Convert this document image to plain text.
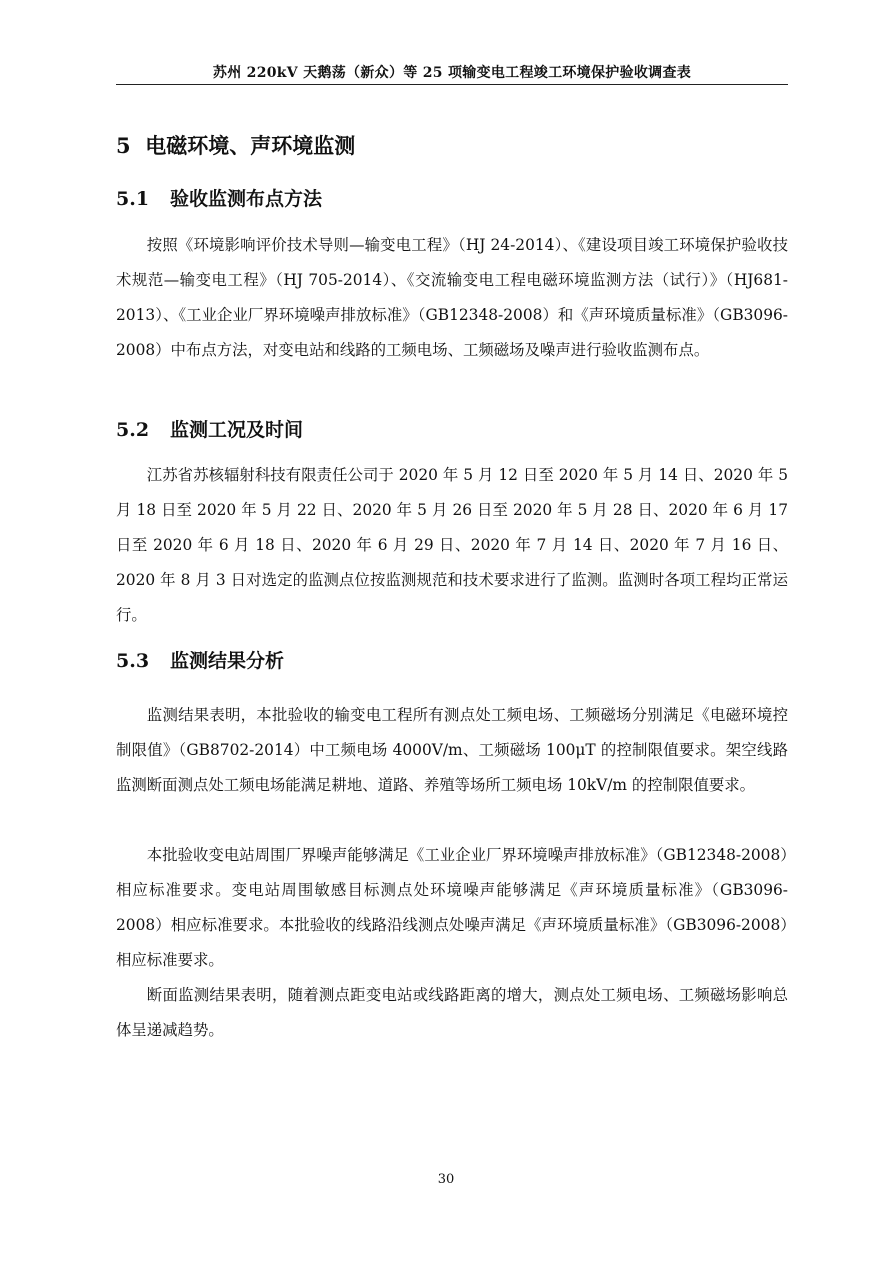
苏州 220kV 天鹅荡（新众）等 25 项输变电工程竣工环境保护验收调查表
5 电磁环境、声环境监测
5.1 验收监测布点方法

按照《环境影响评价技术导则—输变电工程》（HJ 24-2014）、《建设项目竣工环境保护验收技术规范—输变电工程》（HJ 705-2014）、《交流输变电工程电磁环境监测方法（试行）》（HJ681-2013）、《工业企业厂界环境噪声排放标准》（GB12348-2008）和《声环境质量标准》（GB3096-2008）中布点方法，对变电站和线路的工频电场、工频磁场及噪声进行验收监测布点。

5.2 监测工况及时间

江苏省苏核辐射科技有限责任公司于 2020 年 5 月 12 日至 2020 年 5 月 14 日、2020 年 5 月 18 日至 2020 年 5 月 22 日、2020 年 5 月 26 日至 2020 年 5 月 28 日、2020 年 6 月 17 日至 2020 年 6 月 18 日、2020 年 6 月 29 日、2020 年 7 月 14 日、2020 年 7 月 16 日、2020 年 8 月 3 日对选定的监测点位按监测规范和技术要求进行了监测。监测时各项工程均正常运行。

5.3 监测结果分析

监测结果表明，本批验收的输变电工程所有测点处工频电场、工频磁场分别满足《电磁环境控制限值》（GB8702-2014）中工频电场 4000V/m、工频磁场 100μT 的控制限值要求。架空线路监测断面测点处工频电场能满足耕地、道路、养殖等场所工频电场 10kV/m 的控制限值要求。

本批验收变电站周围厂界噪声能够满足《工业企业厂界环境噪声排放标准》（GB12348-2008）相应标准要求。变电站周围敏感目标测点处环境噪声能够满足《声环境质量标准》（GB3096-2008）相应标准要求。本批验收的线路沿线测点处噪声满足《声环境质量标准》（GB3096-2008）相应标准要求。

断面监测结果表明，随着测点距变电站或线路距离的增大，测点处工频电场、工频磁场影响总体呈递减趋势。

30
